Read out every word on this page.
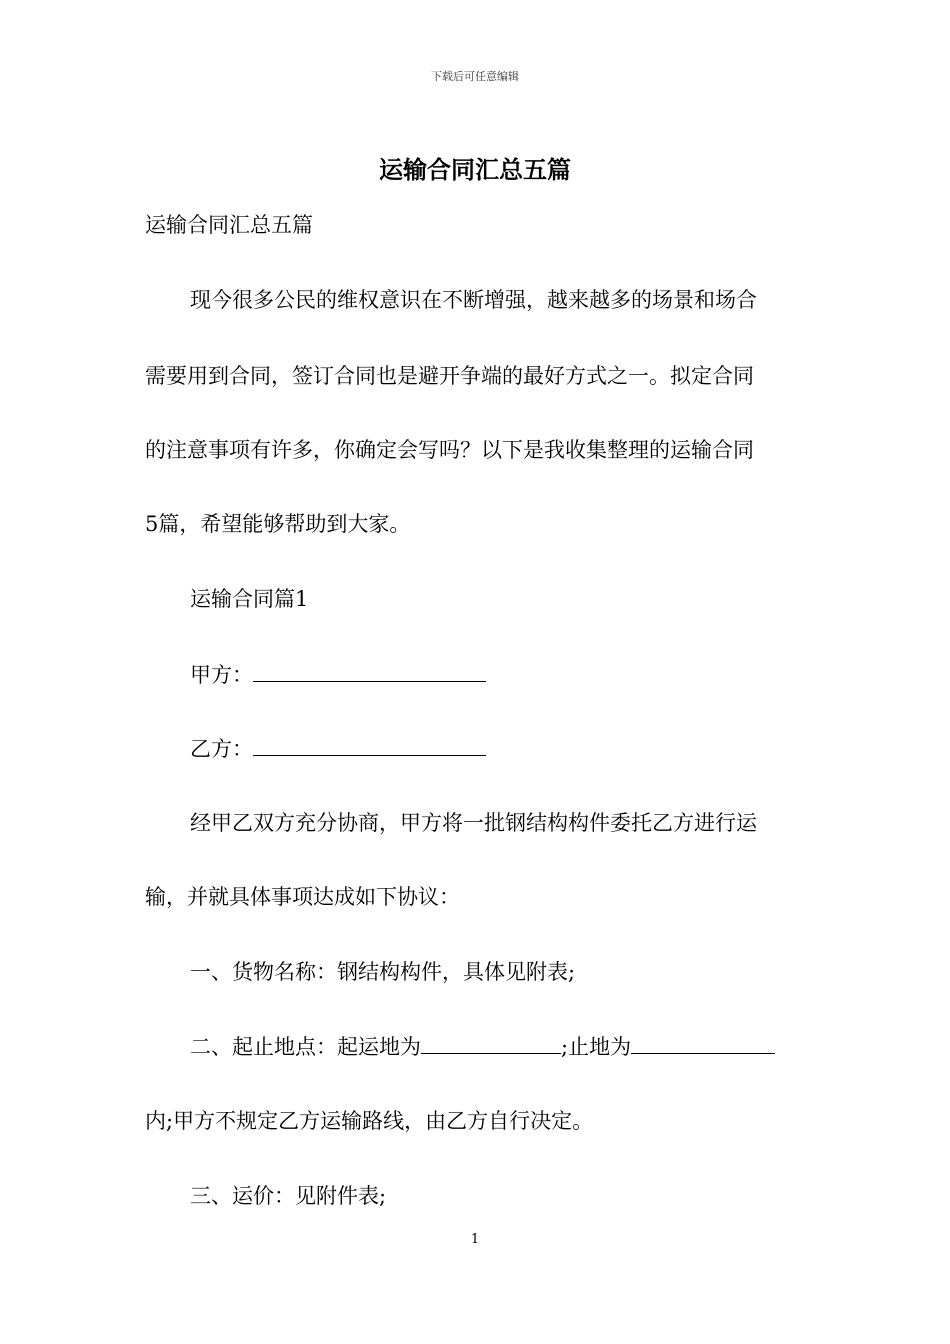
下载后可任意编辑
运输合同汇总五篇
运输合同汇总五篇
现今很多公民的维权意识在不断增强，越来越多的场景和场合
需要用到合同，签订合同也是避开争端的最好方式之一。拟定合同
的注意事项有许多，你确定会写吗？以下是我收集整理的运输合同
5篇，希望能够帮助到大家。
运输合同篇1
甲方：
乙方：
经甲乙双方充分协商，甲方将一批钢结构构件委托乙方进行运
输，并就具体事项达成如下协议：
一、货物名称：钢结构构件，具体见附表;
二、起止地点：起运地为	;止地为
内;甲方不规定乙方运输路线，由乙方自行决定。
三、运价：见附件表;
1
